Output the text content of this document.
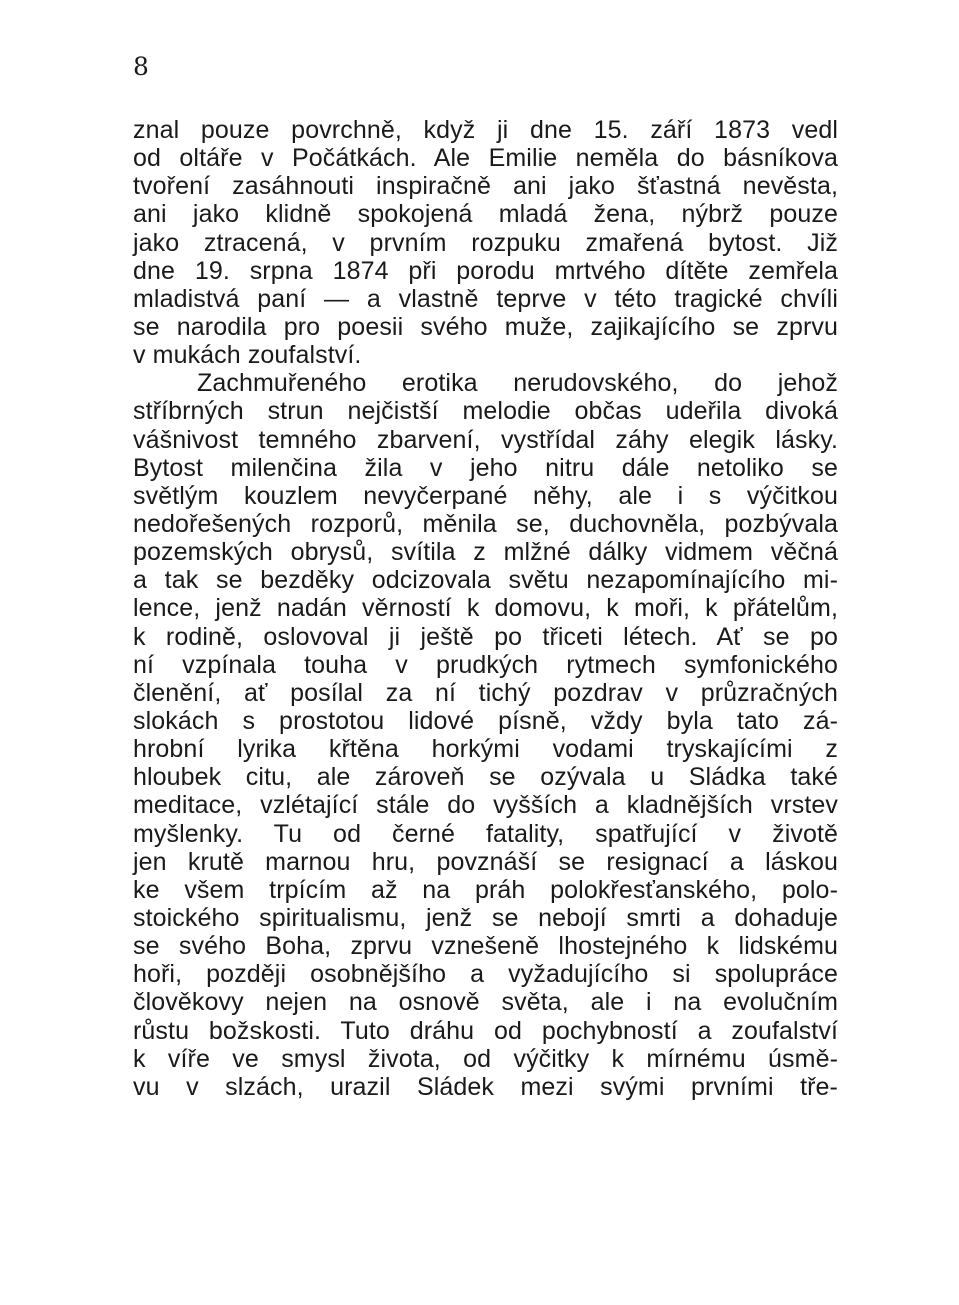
8
znal pouze povrchně, když ji dne 15. září 1873 vedl
od oltáře v Počátkách. Ale Emilie neměla do básníkova
tvoření zasáhnouti inspiračně ani jako šťastná nevěsta,
ani jako klidně spokojená mladá žena, nýbrž pouze
jako ztracená, v prvním rozpuku zmařená bytost. Již
dne 19. srpna 1874 při porodu mrtvého dítěte zemřela
mladistvá paní — a vlastně teprve v této tragické chvíli
se narodila pro poesii svého muže, zajikajícího se zprvu
v mukách zoufalství.
Zachmuřeného erotika nerudovského, do jehož
stříbrných strun nejčistší melodie občas udeřila divoká
vášnivost temného zbarvení, vystřídal záhy elegik lásky.
Bytost milenčina žila v jeho nitru dále netoliko se
světlým kouzlem nevyčerpané něhy, ale i s výčitkou
nedořešených rozporů, měnila se, duchovněla, pozbývala
pozemských obrysů, svítila z mlžné dálky vidmem věčná
a tak se bezděky odcizovala světu nezapomínajícího mi-
lence, jenž nadán věrností k domovu, k moři, k přátelům,
k rodině, oslovoval ji ještě po třiceti létech. Ať se po
ní vzpínala touha v prudkých rytmech symfonického
členění, ať posílal za ní tichý pozdrav v průzračných
slokách s prostotou lidové písně, vždy byla tato zá-
hrobní lyrika křtěna horkými vodami tryskajícími z
hloubek citu, ale zároveň se ozývala u Sládka také
meditace, vzlétající stále do vyšších a kladnějších vrstev
myšlenky. Tu od černé fatality, spatřující v životě
jen krutě marnou hru, povznáší se resignací a láskou
ke všem trpícím až na práh polokřesťanského, polo-
stoického spiritualismu, jenž se nebojí smrti a dohaduje
se svého Boha, zprvu vznešeně lhostejného k lidskému
hoři, později osobnějšího a vyžadujícího si spolupráce
člověkovy nejen na osnově světa, ale i na evolučním
růstu božskosti. Tuto dráhu od pochybností a zoufalství
k víře ve smysl života, od výčitky k mírnému úsmě-
vu v slzách, urazil Sládek mezi svými prvními tře-
